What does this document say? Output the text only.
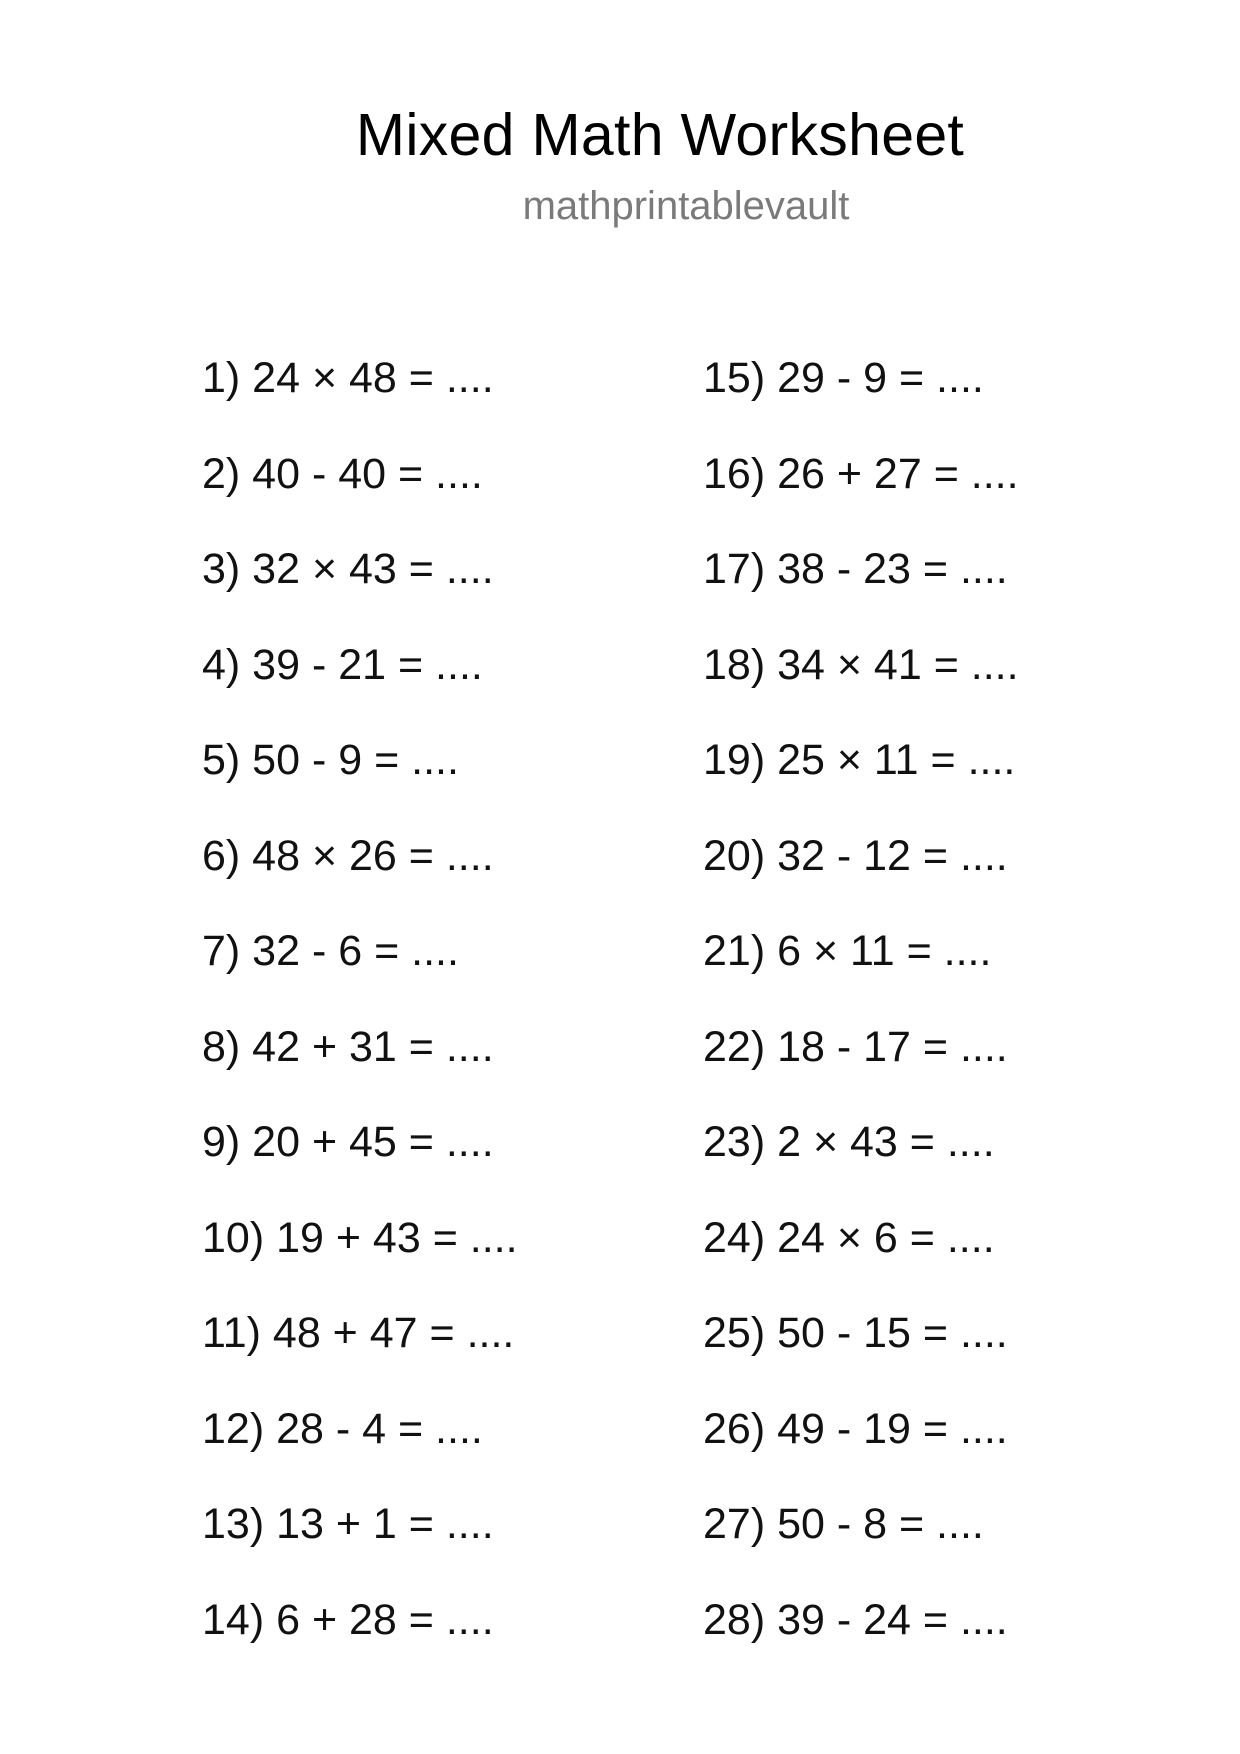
Mixed Math Worksheet
mathprintablevault
1) 24 × 48 = ....
2) 40 - 40 = ....
3) 32 × 43 = ....
4) 39 - 21 = ....
5) 50 - 9 = ....
6) 48 × 26 = ....
7) 32 - 6 = ....
8) 42 + 31 = ....
9) 20 + 45 = ....
10) 19 + 43 = ....
11) 48 + 47 = ....
12) 28 - 4 = ....
13) 13 + 1 = ....
14) 6 + 28 = ....
15) 29 - 9 = ....
16) 26 + 27 = ....
17) 38 - 23 = ....
18) 34 × 41 = ....
19) 25 × 11 = ....
20) 32 - 12 = ....
21) 6 × 11 = ....
22) 18 - 17 = ....
23) 2 × 43 = ....
24) 24 × 6 = ....
25) 50 - 15 = ....
26) 49 - 19 = ....
27) 50 - 8 = ....
28) 39 - 24 = ....
